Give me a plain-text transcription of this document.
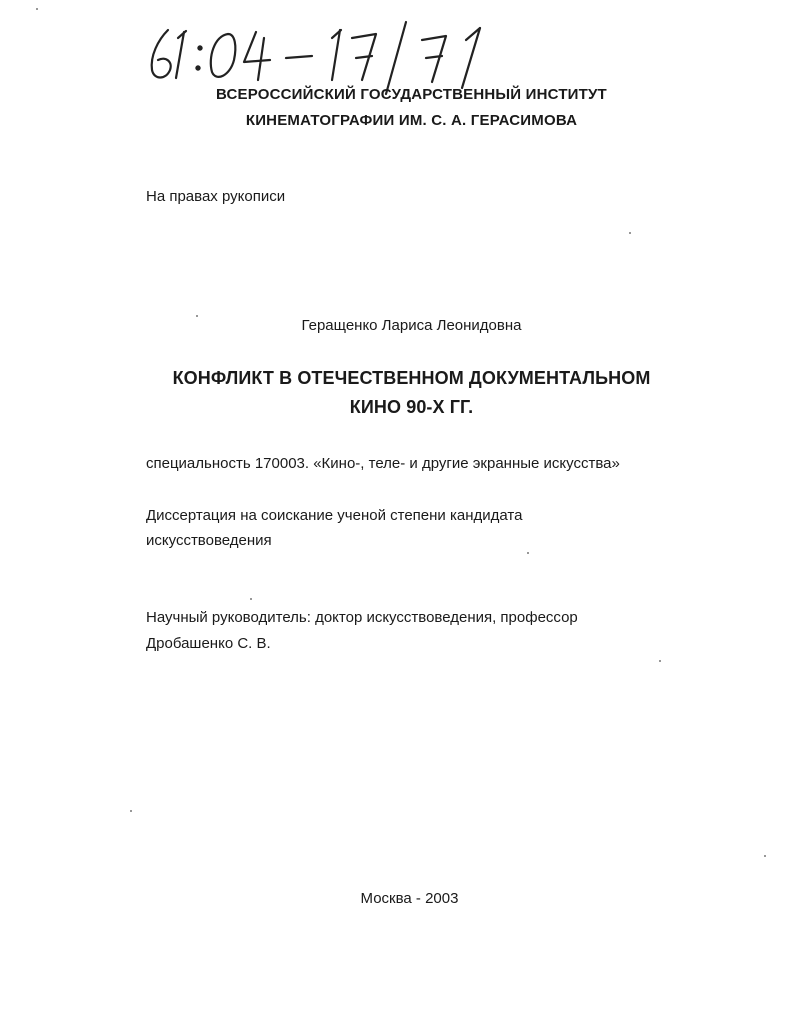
ВСЕРОССИЙСКИЙ ГОСУДАРСТВЕННЫЙ ИНСТИТУТ
КИНЕМАТОГРАФИИ ИМ. С. А. ГЕРАСИМОВА
На правах рукописи
Геращенко Лариса Леонидовна
КОНФЛИКТ В ОТЕЧЕСТВЕННОМ ДОКУМЕНТАЛЬНОМ
КИНО 90-Х ГГ.
специальность 170003. «Кино-, теле- и другие экранные искусства»
Диссертация на соискание ученой степени кандидата
искусствоведения
Научный руководитель: доктор искусствоведения, профессор
Дробашенко С. В.
Москва - 2003
